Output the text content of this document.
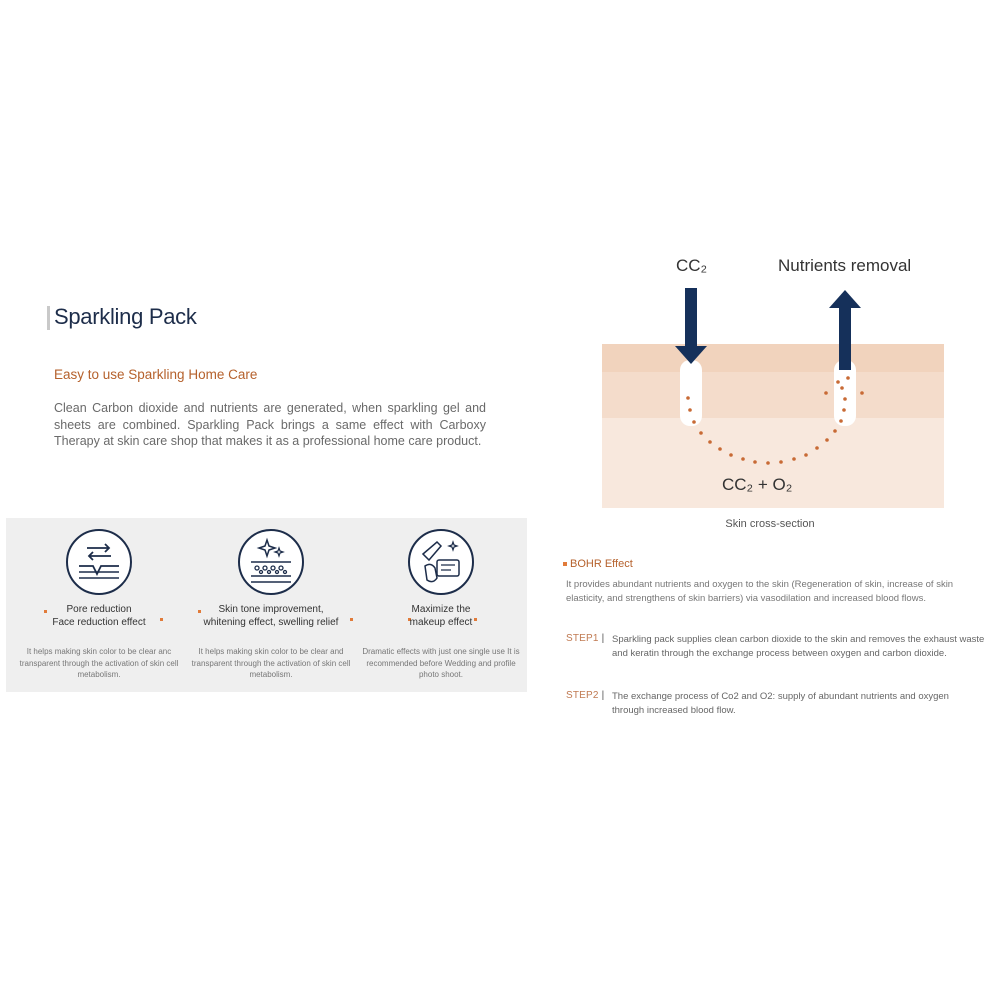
Sparkling Pack
Easy to use Sparkling Home Care
Clean Carbon dioxide and nutrients are generated, when sparkling gel and sheets are combined. Sparkling Pack brings a same effect with Carboxy Therapy at skin care shop that makes it as a professional home care product.
Pore reduction
Face reduction effect
It helps making skin color to be clear anc transparent through the activation of skin cell metabolism.
Skin tone improvement,
whitening effect, swelling relief
It helps making skin color to be clear and transparent through the activation of skin cell metabolism.
Maximize the
makeup effect
Dramatic effects with just one single use It is recommended before Wedding and profile photo shoot.
CC₂	Nutrients removal
CC₂ + O₂
Skin cross-section
BOHR Effect
It provides abundant nutrients and oxygen to the skin (Regeneration of skin, increase of skin elasticity, and strengthens of skin barriers) via vasodilation and increased blood flows.
STEP1 | Sparkling pack supplies clean carbon dioxide to the skin and removes the exhaust waste and keratin through the exchange process between oxygen and carbon dioxide.
STEP2 | The exchange process of Co2 and O2: supply of abundant nutrients and oxygen through increased blood flow.
